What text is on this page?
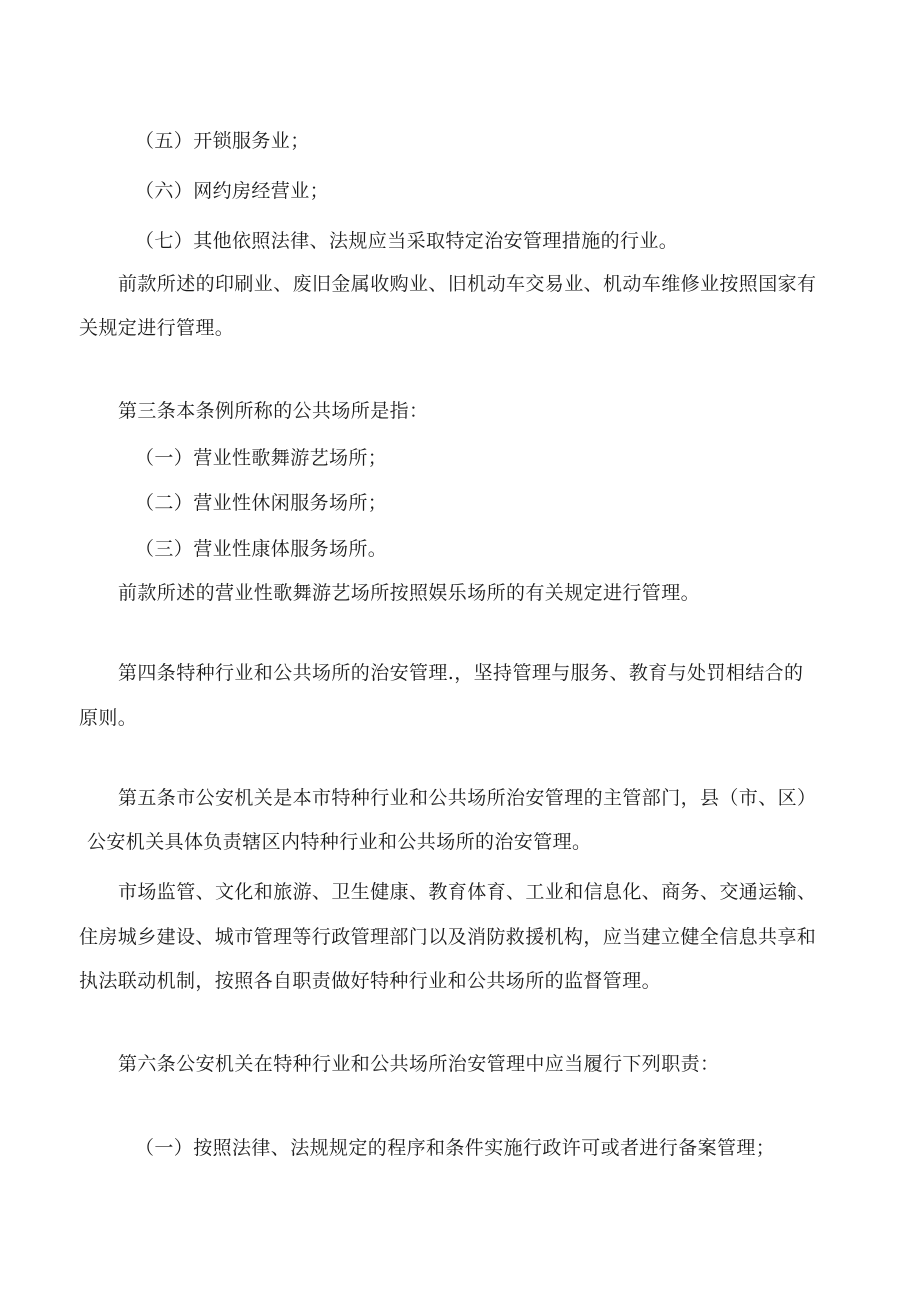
（五）开锁服务业；
（六）网约房经营业；
（七）其他依照法律、法规应当采取特定治安管理措施的行业。
前款所述的印刷业、废旧金属收购业、旧机动车交易业、机动车维修业按照国家有
关规定进行管理。
第三条本条例所称的公共场所是指：
（一）营业性歌舞游艺场所；
（二）营业性休闲服务场所；
（三）营业性康体服务场所。
前款所述的营业性歌舞游艺场所按照娱乐场所的有关规定进行管理。
第四条特种行业和公共场所的治安管理.，坚持管理与服务、教育与处罚相结合的
原则。
第五条市公安机关是本市特种行业和公共场所治安管理的主管部门，县（市、区）
公安机关具体负责辖区内特种行业和公共场所的治安管理。
市场监管、文化和旅游、卫生健康、教育体育、工业和信息化、商务、交通运输、
住房城乡建设、城市管理等行政管理部门以及消防救援机构，应当建立健全信息共享和
执法联动机制，按照各自职责做好特种行业和公共场所的监督管理。
第六条公安机关在特种行业和公共场所治安管理中应当履行下列职责：
（一）按照法律、法规规定的程序和条件实施行政许可或者进行备案管理；
